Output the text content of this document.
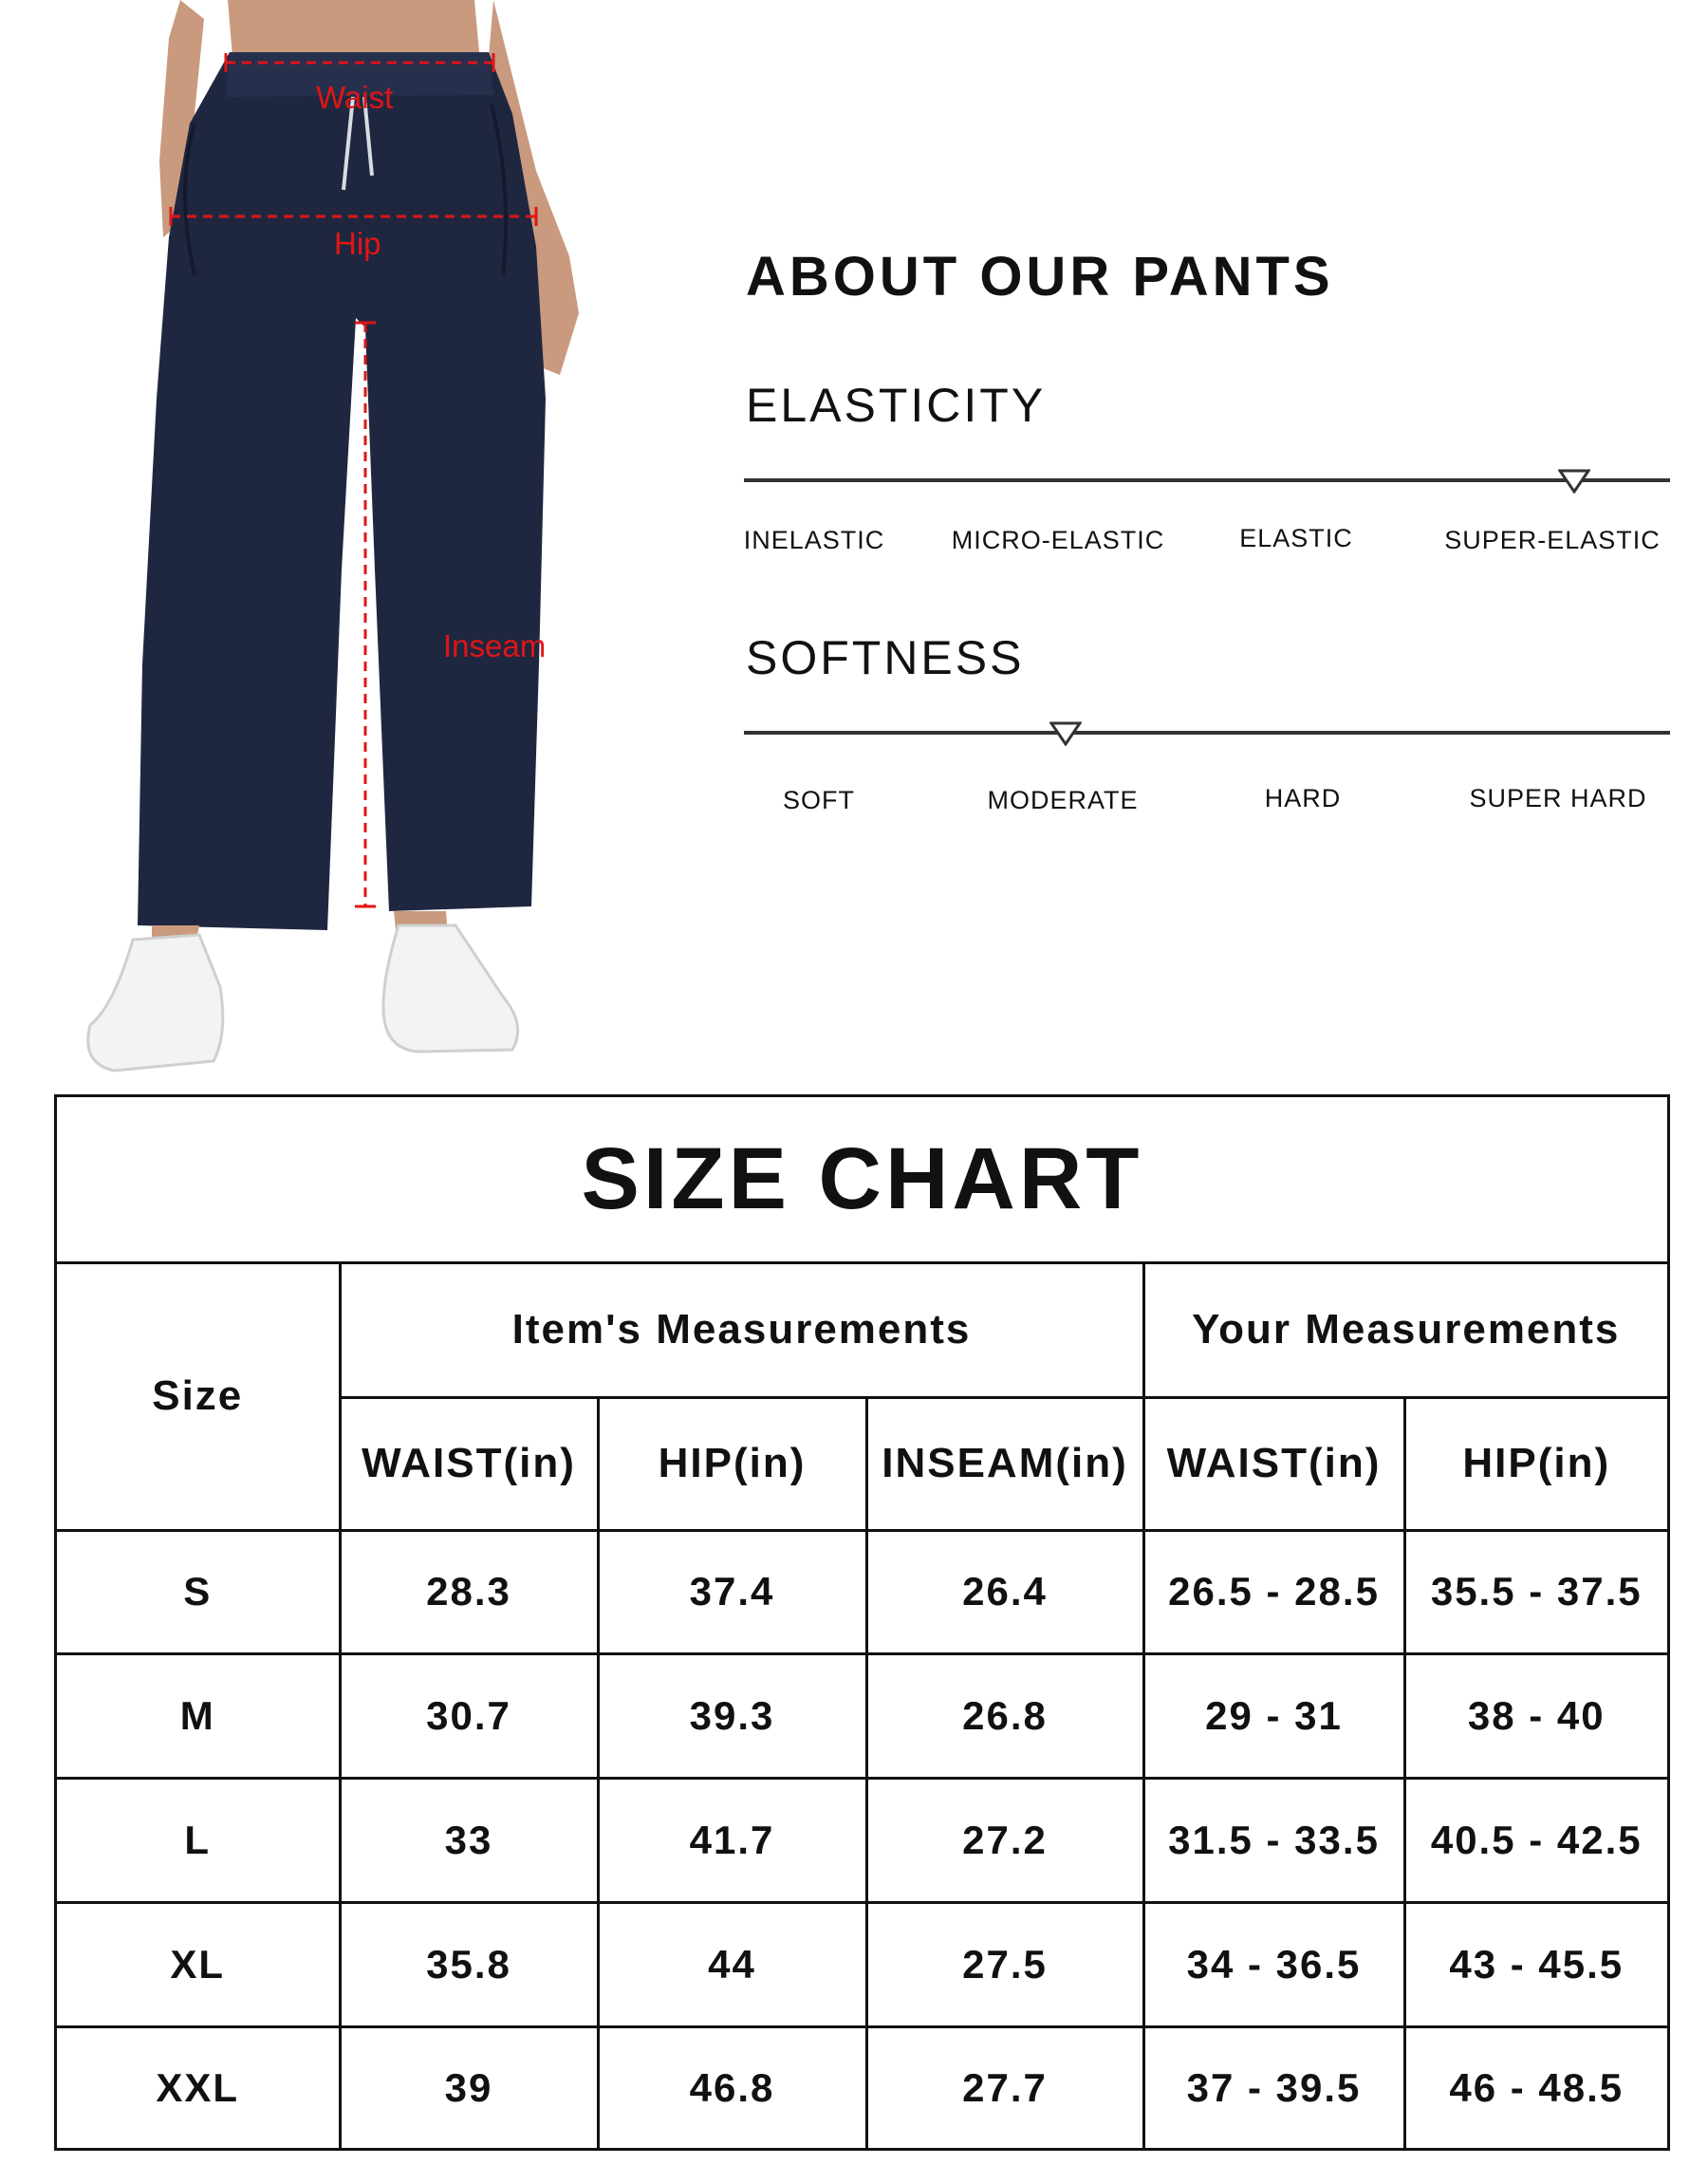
Waist
Hip
Inseam
ABOUT OUR PANTS
ELASTICITY
INELASTIC	MICRO-ELASTIC	ELASTIC	SUPER-ELASTIC
SOFTNESS
SOFT	MODERATE	HARD	SUPER HARD
SIZE CHART
Size	Item's Measurements			Your Measurements	
	WAIST(in)	HIP(in)	INSEAM(in)	WAIST(in)	HIP(in)
S	28.3	37.4	26.4	26.5 - 28.5	35.5 - 37.5
M	30.7	39.3	26.8	29 - 31	38 - 40
L	33	41.7	27.2	31.5 - 33.5	40.5 - 42.5
XL	35.8	44	27.5	34 - 36.5	43 - 45.5
XXL	39	46.8	27.7	37 - 39.5	46 - 48.5
